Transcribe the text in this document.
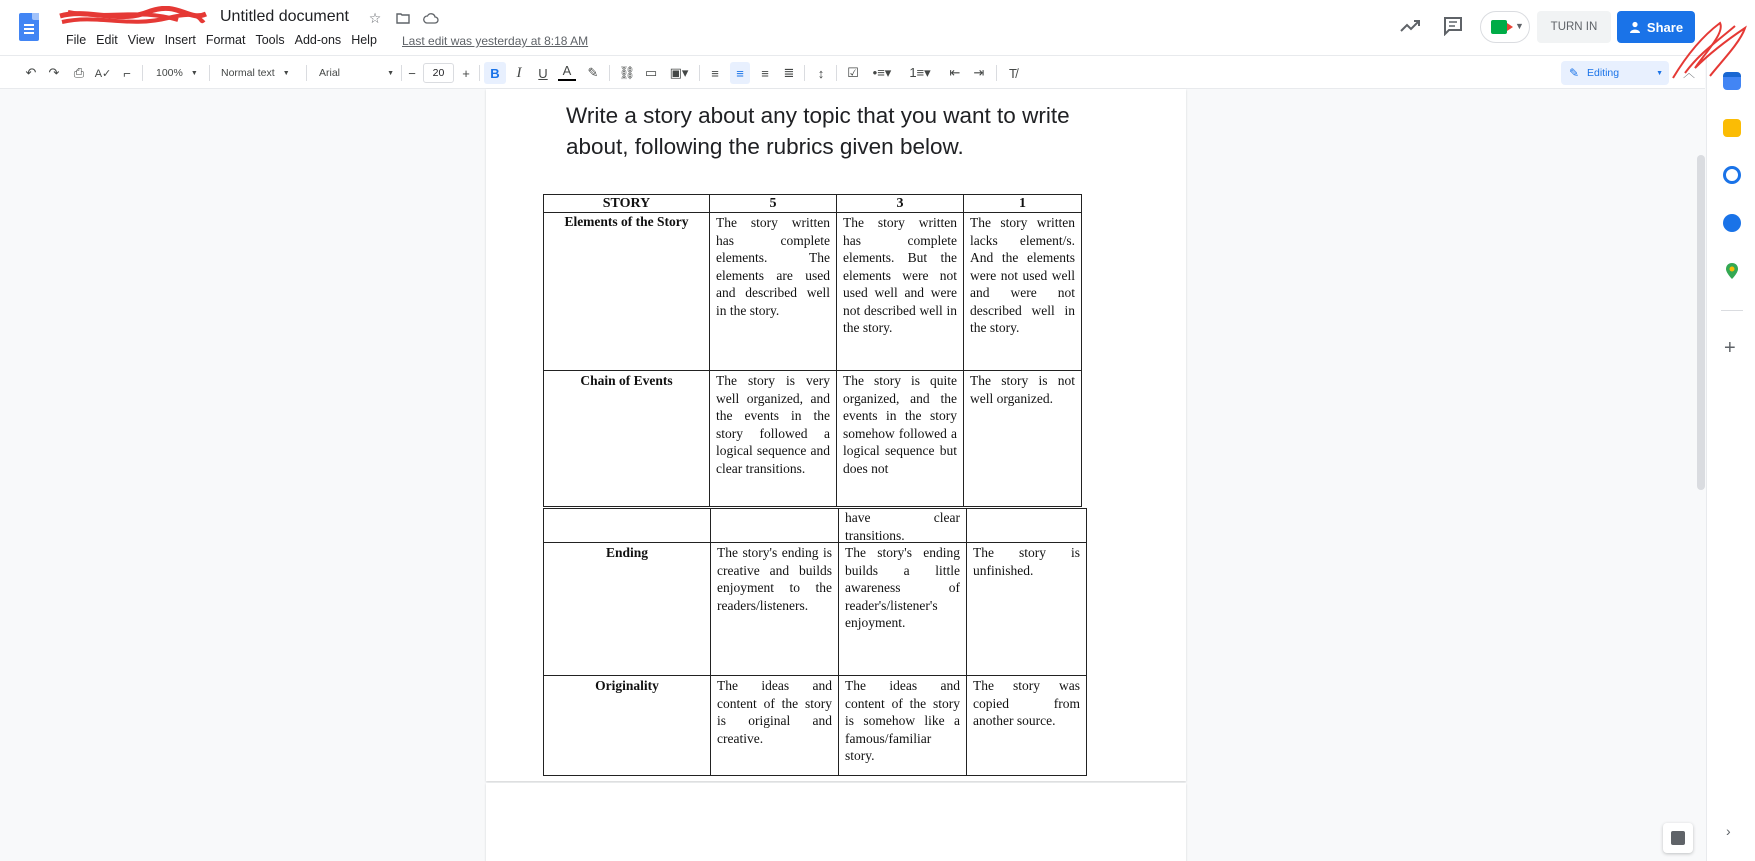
Untitled document ☆
File Edit View Insert Format Tools Add-ons Help	Last edit was yesterday at 8:18 AM
▼	TURN IN	Share
↶ ↷ ⎙ A✓ ⌐	100% ▼ Normal text ▼	Arial	▼	−	20	+	B	I	U	A	✎ ⛓ ▭ ▣▾	≡	≡	≡	≣	↕	☑	•≡▾	1≡▾ ⇤ ⇥	T̸	✎ Editing	▼ ︿
+
›
Write a story about any topic that you want to write about, following the rubrics given below.
STORY	5	3	1
Elements of the Story	The story written has complete elements. The elements are used and described well in the story.
The story written has complete elements. But the elements were not used well and were not described well in the story.
The story written lacks element/s. And the elements were not used well and were not described well in the story.
Chain of Events	The story is very well organized, and the events in the story followed a logical sequence and clear transitions.
The story is quite organized, and the events in the story somehow followed a logical sequence but does not
The story is not well organized.
have clear transitions.
Ending	The story's ending is creative and builds enjoyment to the readers/listeners.
The story's ending builds a little awareness of reader's/listener's enjoyment.
The story is unfinished.
Originality	The ideas and content of the story is original and creative.
The ideas and content of the story is somehow like a famous/familiar story.
The story was copied from another source.
